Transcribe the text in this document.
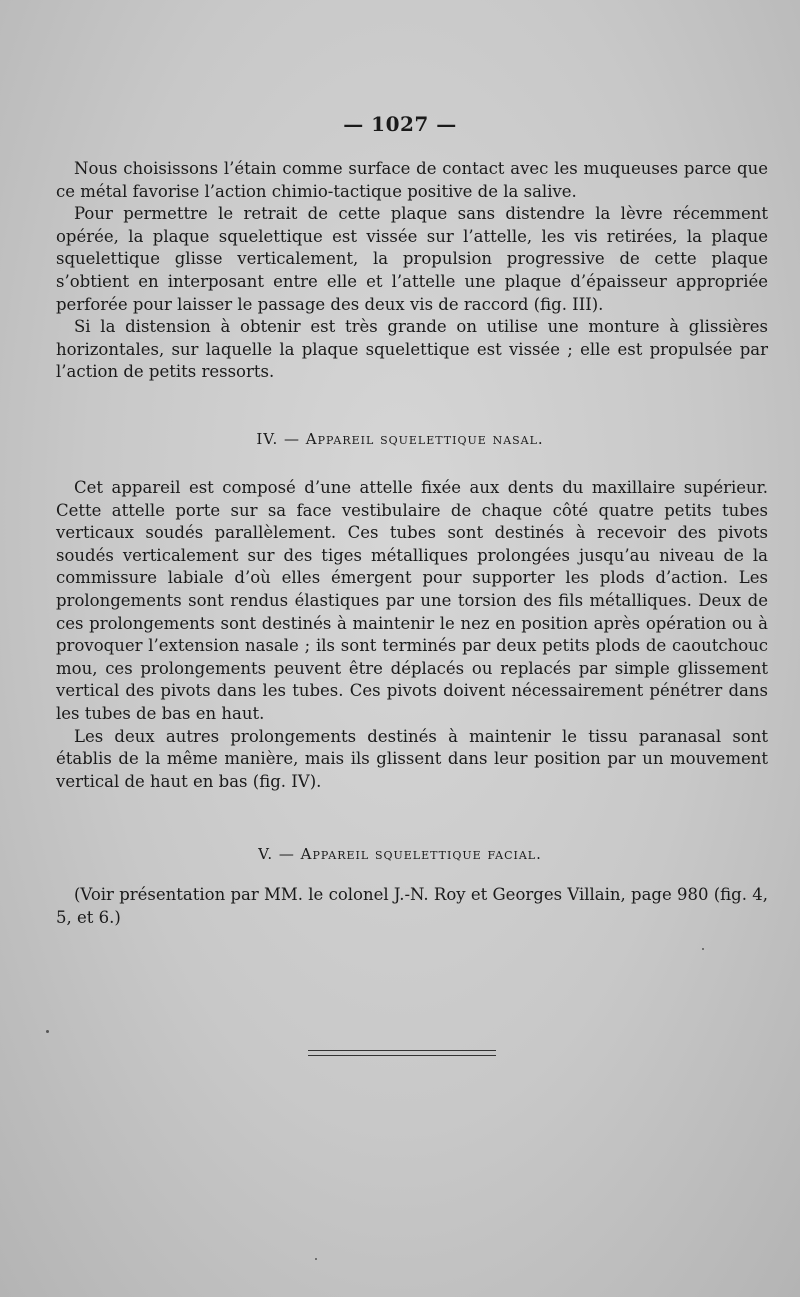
— 1027 —

Nous choisissons l’étain comme surface de contact avec les muqueuses parce que ce métal favorise l’action chimio-tactique positive de la salive.

Pour permettre le retrait de cette plaque sans distendre la lèvre récemment opérée, la plaque squelettique est vissée sur l’attelle, les vis retirées, la plaque squelettique glisse verticalement, la propulsion progressive de cette plaque s’obtient en interposant entre elle et l’attelle une plaque d’épaisseur appropriée perforée pour laisser le passage des deux vis de raccord (fig. III).

Si la distension à obtenir est très grande on utilise une monture à glissières horizontales, sur laquelle la plaque squelettique est vissée ; elle est propulsée par l’action de petits ressorts.

IV. — Appareil squelettique nasal.

Cet appareil est composé d’une attelle fixée aux dents du maxillaire supérieur. Cette attelle porte sur sa face vestibulaire de chaque côté quatre petits tubes verticaux soudés parallèlement. Ces tubes sont destinés à recevoir des pivots soudés verticalement sur des tiges métalliques prolongées jusqu’au niveau de la commissure labiale d’où elles émergent pour supporter les plods d’action. Les prolongements sont rendus élastiques par une torsion des fils métalliques. Deux de ces prolongements sont destinés à maintenir le nez en position après opération ou à provoquer l’extension nasale ; ils sont terminés par deux petits plods de caoutchouc mou, ces prolongements peuvent être déplacés ou replacés par simple glissement vertical des pivots dans les tubes. Ces pivots doivent nécessairement pénétrer dans les tubes de bas en haut.

Les deux autres prolongements destinés à maintenir le tissu paranasal sont établis de la même manière, mais ils glissent dans leur position par un mouvement vertical de haut en bas (fig. IV).

V. — Appareil squelettique facial.

(Voir présentation par MM. le colonel J.-N. Roy et Georges Villain, page 980 (fig. 4, 5, et 6.)
